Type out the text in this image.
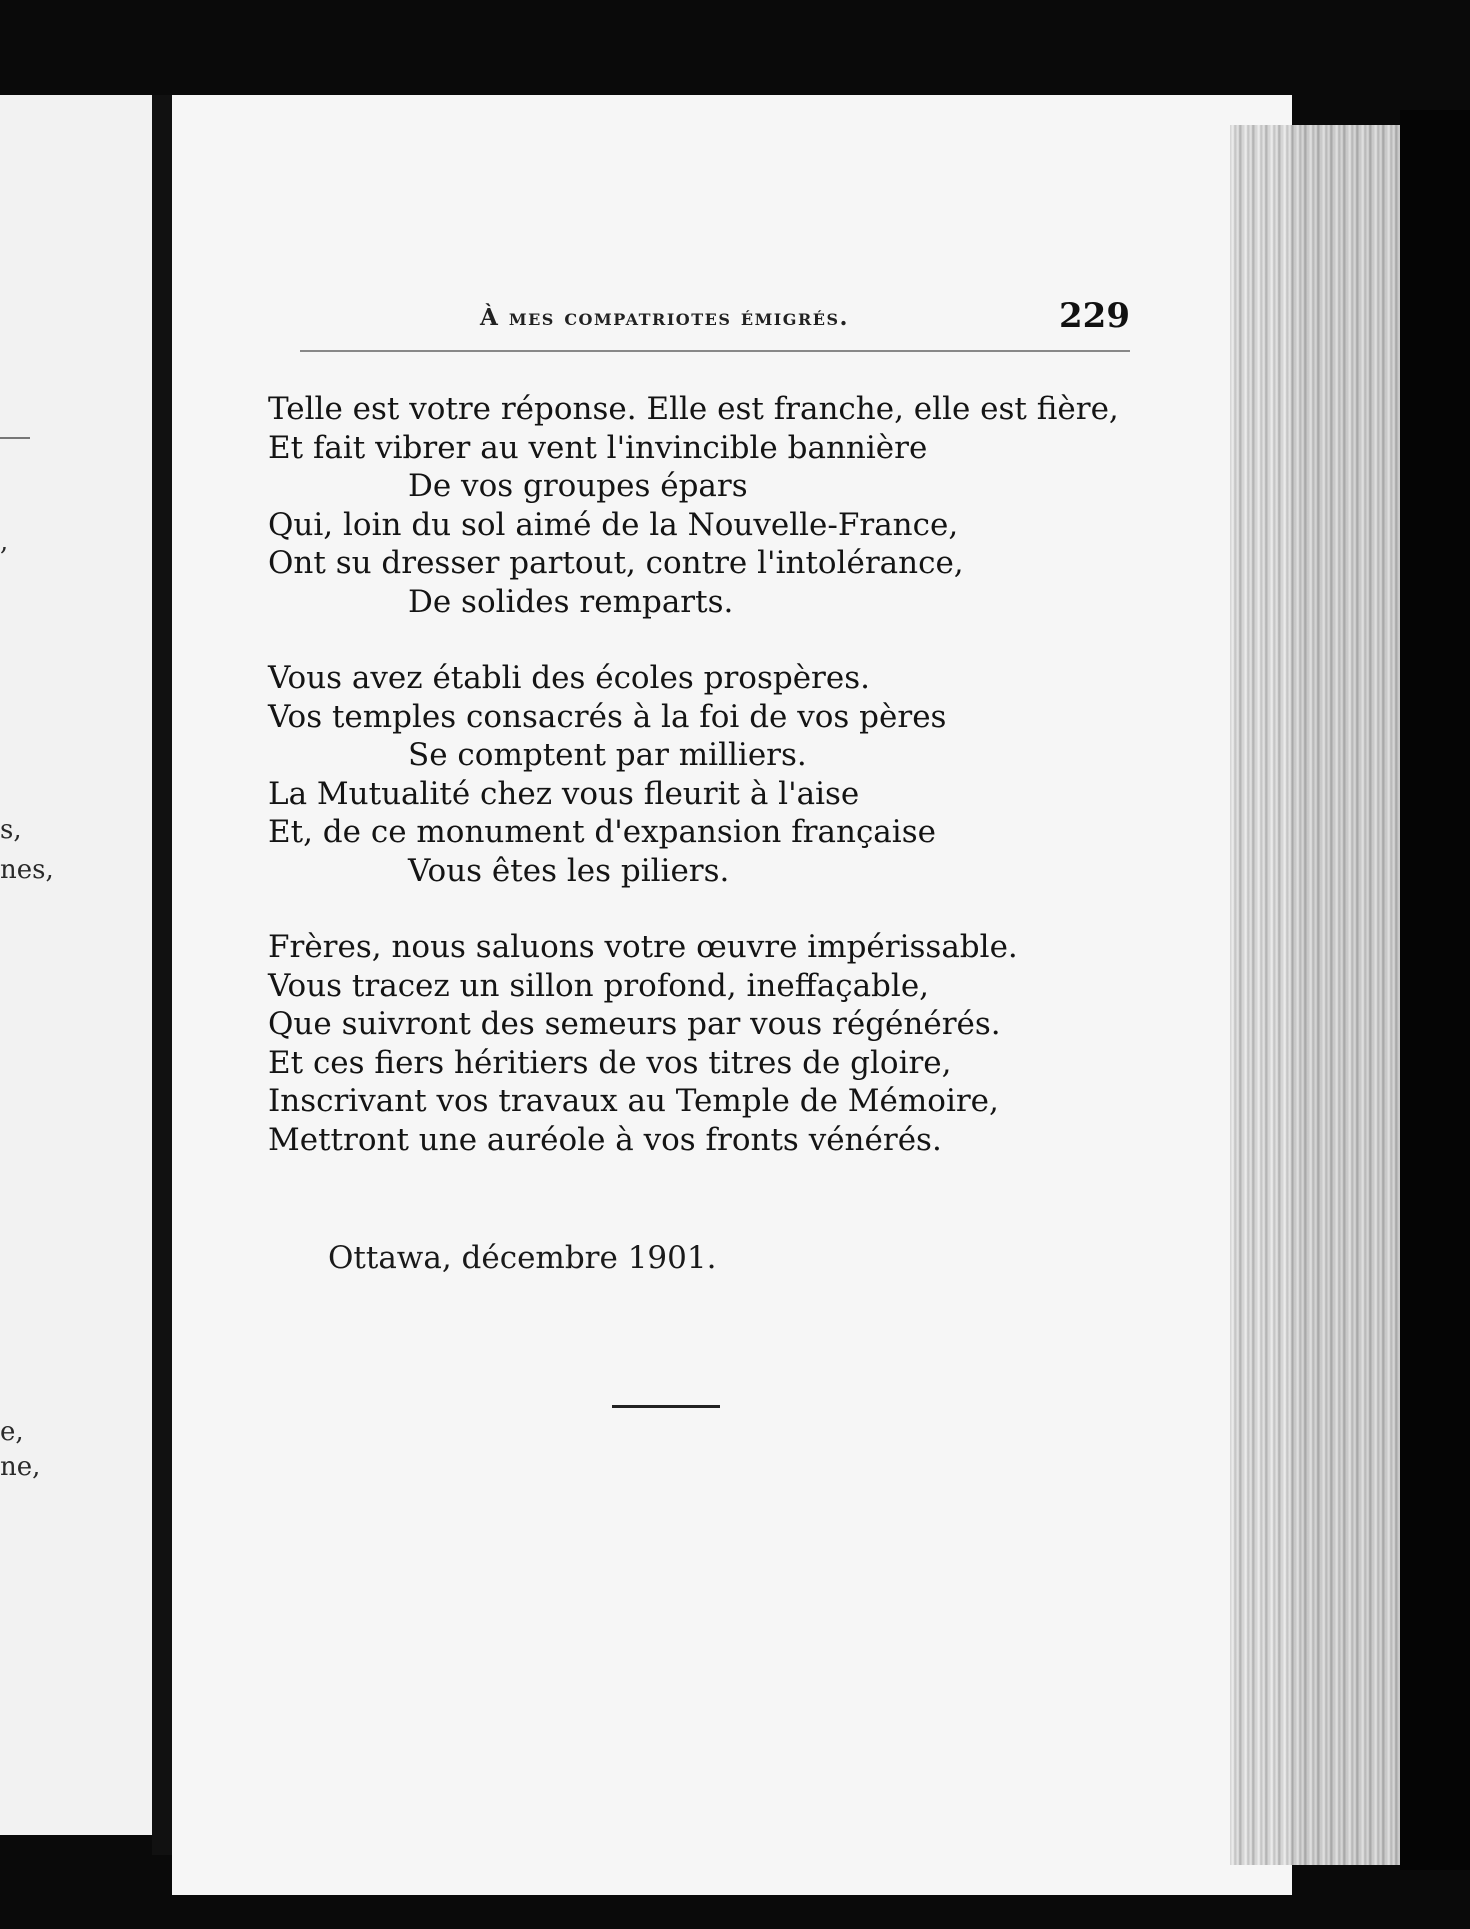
,
s,
nes,
e,
ne,
À mes compatriotes émigrés.	229
Telle est votre réponse. Elle est franche, elle est fière,
Et fait vibrer au vent l'invincible bannière
De vos groupes épars
Qui, loin du sol aimé de la Nouvelle-France,
Ont su dresser partout, contre l'intolérance,
De solides remparts.
Vous avez établi des écoles prospères.
Vos temples consacrés à la foi de vos pères
Se comptent par milliers.
La Mutualité chez vous fleurit à l'aise
Et, de ce monument d'expansion française
Vous êtes les piliers.
Frères, nous saluons votre œuvre impérissable.
Vous tracez un sillon profond, ineffaçable,
Que suivront des semeurs par vous régénérés.
Et ces fiers héritiers de vos titres de gloire,
Inscrivant vos travaux au Temple de Mémoire,
Mettront une auréole à vos fronts vénérés.
Ottawa, décembre 1901.
